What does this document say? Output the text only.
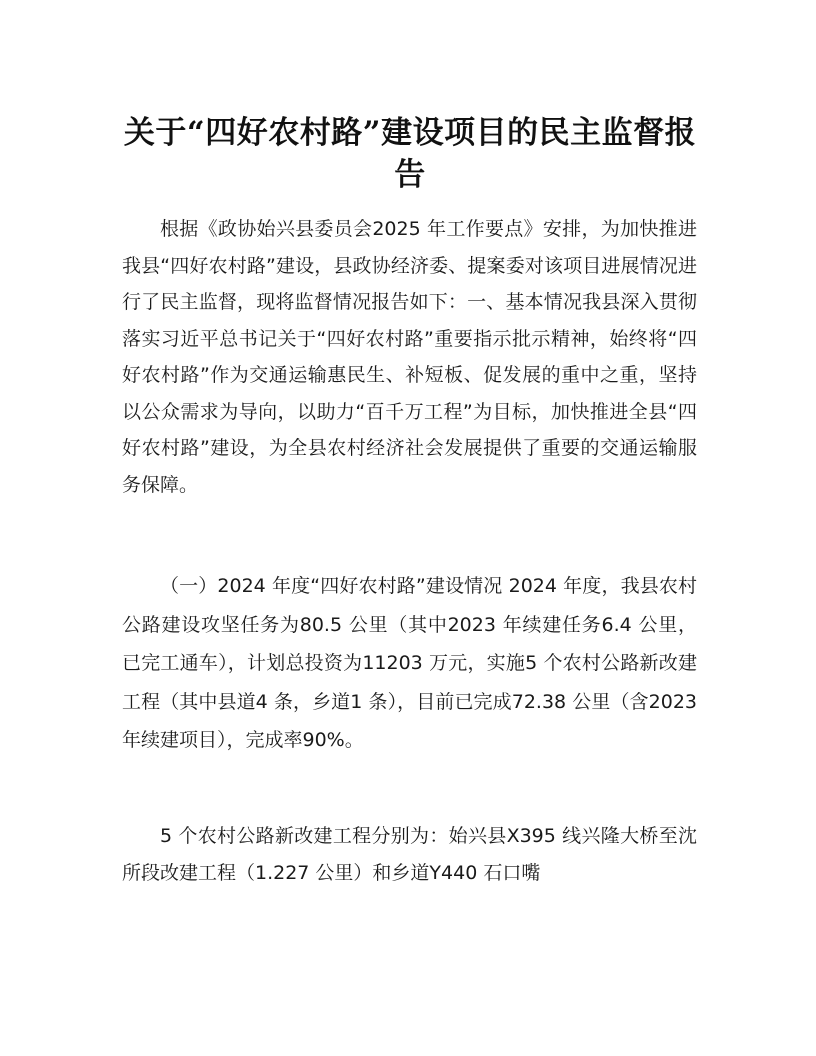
关于“四好农村路”建设项目的民主监督报告

根据《政协始兴县委员会2025 年工作要点》安排，为加快推进我县“四好农村路”建设，县政协经济委、提案委对该项目进展情况进行了民主监督，现将监督情况报告如下：一、基本情况我县深入贯彻落实习近平总书记关于“四好农村路”重要指示批示精神，始终将“四好农村路”作为交通运输惠民生、补短板、促发展的重中之重，坚持以公众需求为导向，以助力“百千万工程”为目标，加快推进全县“四好农村路”建设，为全县农村经济社会发展提供了重要的交通运输服务保障。

（一）2024 年度“四好农村路”建设情况 2024 年度，我县农村公路建设攻坚任务为80.5 公里（其中2023 年续建任务6.4 公里，已完工通车），计划总投资为11203 万元，实施5 个农村公路新改建工程（其中县道4 条，乡道1 条），目前已完成72.38 公里（含2023 年续建项目），完成率90%。

5 个农村公路新改建工程分别为：始兴县X395 线兴隆大桥至沈所段改建工程（1.227 公里）和乡道Y440 石口嘴
